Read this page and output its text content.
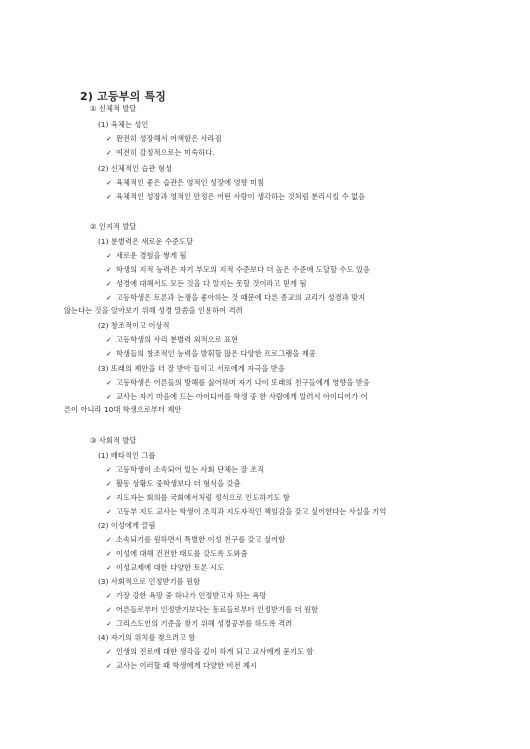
2) 고등부의 특징
① 신체적 발달
(1) 육체는 성인
✓ 완전히 성장해서 어색함은 사라짐
✓ 여전히 감정적으로는 미숙하다.
(2) 신체적인 습관 형성
✓ 육체적인 좋은 습관은 영적인 성장에 영향 미침
✓ 육체적인 성장과 영적인 안정은 어떤 사람이 생각하는 것처럼 분리시킬 수 없음
② 인지적 발달
(1) 분별력은 새로운 수준도달
✓ 새로운 경험을 쌓게 됨
✓ 학생의 지적 능력은 자기 부모의 지적 수준보다 더 높은 수준에 도달할 수도 있음
✓ 성경에 대해서도 모든 것을 다 알지는 못할 것이라고 믿게 됨
✓ 고등학생은 토론과 논쟁을 좋아하는 것 때문에 다른 종교의 교리가 성경과 맞지
않는다는 것을 알아보기 위해 성경 말씀을 인용하여 격려
(2) 창조적이고 이상적
✓ 고등학생의 사리 분별력 외적으로 표현
✓ 학생들의 창조적인 능력을 발휘할 많은 다양한 프로그램을 제공
(3) 또래의 제안을 더 잘 받아 들이고 서로에게 자극을 받음
✓ 고등학생은 어른들의 방해를 싫어하며 자기 나이 또래의 친구들에게 영향을 받음
✓ 교사는 자기 마음에 드는 아이디어를 학생 중 한 사람에게 알려서 아이디어가 어
른이 아니라 10대 학생으로부터 제안
③ 사회적 발달
(1) 배타적인 그룹
✓ 고등학생이 소속되어 있는 사회 단체는 잘 조직
✓ 활동 상황도 중학생보다 더 형식을 갖춤
✓ 지도자는 회의를 국회에서처럼 정식으로 인도하기도 함
✓ 고등부 지도 교사는 학생이 조직과 지도자적인 책임감을 갖고 싶어한다는 사실을 기억
(2) 이성에게 끌림
✓ 소속되기를 원하면서 특별한 이성 친구를 갖고 싶어함
✓ 이성에 대해 건전한 태도를 갖도록 도와줌
✓ 이성교제에 대한 다양한 토론 시도
(3) 사회적으로 인정받기를 원함
✓ 가장 강한 욕망 중 하나가 인정받고자 하는 욕망
✓ 어른들로부터 인정받기보다는 동료들로부터 인정받기를 더 원함
✓ 그리스도인의 기준을 찾기 위해 성경공부를 하도록 격려
(4) 자기의 위치를 찾으려고 함
✓ 인생의 진로에 대한 생각을 깊이 하게 되고 교사에게 묻기도 함
✓ 교사는 이러할 때 학생에게 다양한 비전 제시
